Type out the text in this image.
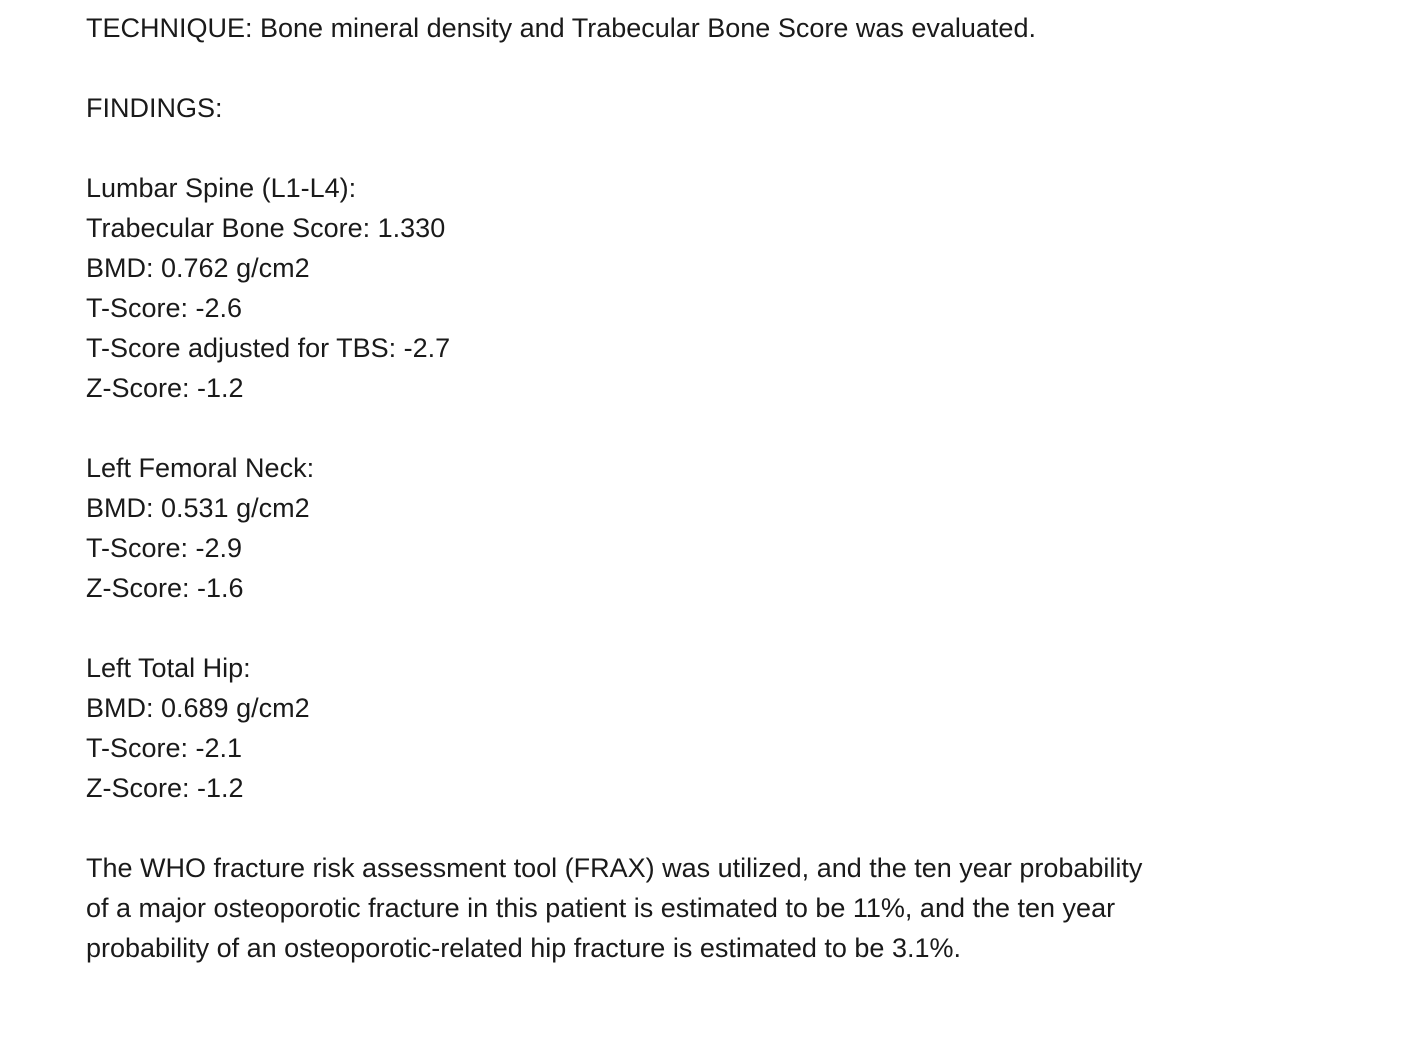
TECHNIQUE: Bone mineral density and Trabecular Bone Score was evaluated.
FINDINGS:
Lumbar Spine (L1-L4):
Trabecular Bone Score: 1.330
BMD: 0.762 g/cm2
T-Score: -2.6
T-Score adjusted for TBS: -2.7
Z-Score: -1.2
Left Femoral Neck:
BMD: 0.531 g/cm2
T-Score: -2.9
Z-Score: -1.6
Left Total Hip:
BMD: 0.689 g/cm2
T-Score: -2.1
Z-Score: -1.2
The WHO fracture risk assessment tool (FRAX) was utilized, and the ten year probability
of a major osteoporotic fracture in this patient is estimated to be 11%, and the ten year
probability of an osteoporotic-related hip fracture is estimated to be 3.1%.
